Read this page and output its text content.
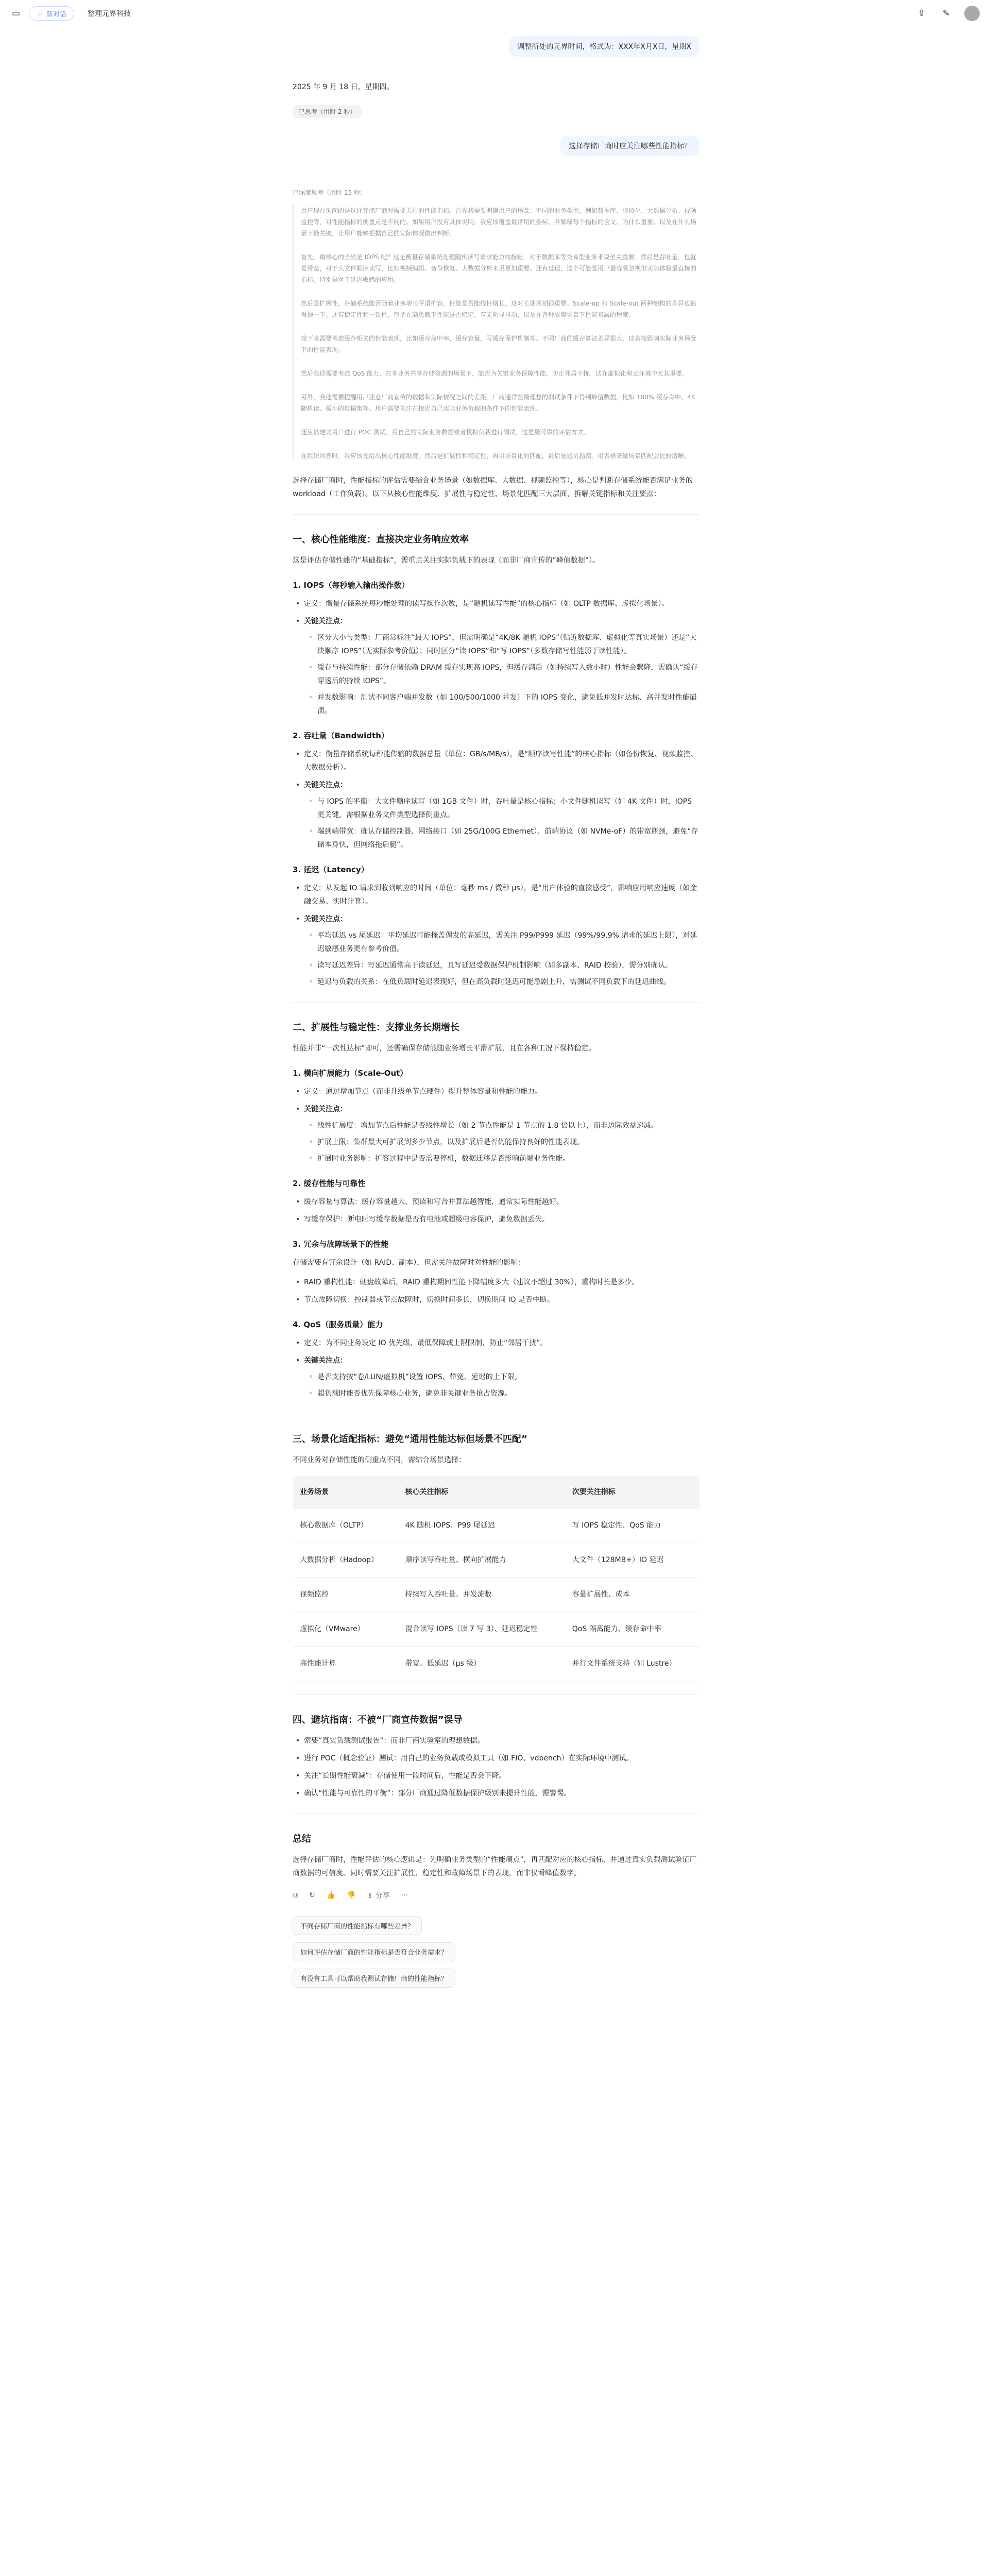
▭	＋ 新对话	整理元界科技	⇪	✎
调整所处的元界时间，格式为：XXX年X月X日，星期X
2025 年 9 月 18 日，星期四。
已思考（用时 2 秒）
选择存储厂商时应关注哪些性能指标？
已深度思考（用时 15 秒）

用户现在询问的是选择存储厂商时需要关注的性能指标。首先我需要明确用户的场景：不同的业务类型，例如数据库、虚拟化、大数据分析、视频监控等，对性能指标的侧重点是不同的。如果用户没有具体说明，我应该覆盖最常用的指标，并解释每个指标的含义、为什么重要、以及在什么场景下最关键，让用户能够根据自己的实际情况做出判断。

首先，最核心的当然是 IOPS 吧？这是衡量存储系统处理随机读写请求能力的指标，对于数据库等交易型业务来说至关重要。然后是吞吐量，也就是带宽，对于大文件顺序读写，比如视频编辑、备份恢复、大数据分析来说更加重要。还有延迟，这个可能是用户最容易忽视但实际体验最直接的指标，特别是对于延迟敏感的应用。

然后是扩展性，存储系统能否随着业务增长平滑扩容，性能是否能线性增长，这对长期规划很重要。Scale-up 和 Scale-out 两种架构的差异也值得提一下。还有稳定性和一致性，包括在高负载下性能是否稳定，有无明显抖动，以及在各种故障场景下性能衰减的程度。

接下来需要考虑缓存相关的性能表现，比如缓存命中率、缓存容量、写缓存保护机制等。不同厂商的缓存算法差异很大，这直接影响实际业务场景下的性能表现。

然后我还需要考虑 QoS 能力，在多业务共享存储资源的场景下，能否为关键业务保障性能，防止邻居干扰。这在虚拟化和云环境中尤其重要。

另外，我还需要提醒用户注意厂商宣传的数据和实际情况之间的差距。厂商通常在最理想的测试条件下得到峰值数据，比如 100% 缓存命中、4K 随机读、极小的数据集等。用户需要关注在接近自己实际业务负载的条件下的性能表现。

还应该建议用户进行 POC 测试，用自己的实际业务数据或者模拟负载进行测试，这是最可靠的评估方式。

在组织回答时，我应该先给出核心性能维度，然后是扩展性和稳定性，再讲场景化的匹配，最后是避坑指南。用表格来做场景匹配会比较清晰。

选择存储厂商时，性能指标的评估需要结合业务场景（如数据库、大数据、视频监控等），核心是判断存储系统能否满足业务的 workload（工作负载）。以下从核心性能维度、扩展性与稳定性、场景化匹配三大层面，拆解关键指标和关注要点：

一、核心性能维度：直接决定业务响应效率

这是评估存储性能的“基础指标”，需重点关注实际负载下的表现（而非厂商宣传的“峰值数据”）。

1. IOPS（每秒输入输出操作数）
• 定义：衡量存储系统每秒能处理的读写操作次数，是“随机读写性能”的核心指标（如 OLTP 数据库、虚拟化场景）。
• 关键关注点：
◦ 区分大小与类型：厂商常标注“最大 IOPS”，但需明确是“4K/8K 随机 IOPS”（贴近数据库、虚拟化等真实场景）还是“大块顺序 IOPS”（无实际参考价值）；同时区分“读 IOPS”和“写 IOPS”（多数存储写性能弱于读性能）。
◦ 缓存与持续性能：部分存储依赖 DRAM 缓存实现高 IOPS，但缓存满后（如持续写入数小时）性能会骤降，需确认“缓存穿透后的持续 IOPS”。
◦ 并发数影响：测试不同客户端并发数（如 100/500/1000 并发）下的 IOPS 变化，避免低并发时达标、高并发时性能崩溃。
2. 吞吐量（Bandwidth）
• 定义：衡量存储系统每秒能传输的数据总量（单位：GB/s/MB/s），是“顺序读写性能”的核心指标（如备份恢复、视频监控、大数据分析）。
• 关键关注点：
◦ 与 IOPS 的平衡：大文件顺序读写（如 1GB 文件）时，吞吐量是核心指标；小文件随机读写（如 4K 文件）时，IOPS 更关键，需根据业务文件类型选择侧重点。
◦ 端到端带宽：确认存储控制器、网络接口（如 25G/100G Ethernet）、前端协议（如 NVMe-oF）的带宽瓶颈，避免“存储本身快，但网络拖后腿”。
3. 延迟（Latency）
• 定义：从发起 IO 请求到收到响应的时间（单位：毫秒 ms / 微秒 μs），是“用户体验的直接感受”，影响应用响应速度（如金融交易、实时计算）。
• 关键关注点：
◦ 平均延迟 vs 尾延迟：平均延迟可能掩盖偶发的高延迟，需关注 P99/P999 延迟（99%/99.9% 请求的延迟上限），对延迟敏感业务更有参考价值。
◦ 读写延迟差异：写延迟通常高于读延迟，且写延迟受数据保护机制影响（如多副本、RAID 校验），需分别确认。
◦ 延迟与负载的关系：在低负载时延迟表现好，但在高负载时延迟可能急剧上升，需测试不同负载下的延迟曲线。
二、扩展性与稳定性：支撑业务长期增长

性能并非“一次性达标”即可，还需确保存储能随业务增长平滑扩展，且在各种工况下保持稳定。

1. 横向扩展能力（Scale-Out）
• 定义：通过增加节点（而非升级单节点硬件）提升整体容量和性能的能力。
• 关键关注点：
◦ 线性扩展度：增加节点后性能是否线性增长（如 2 节点性能是 1 节点的 1.8 倍以上），而非边际效益递减。
◦ 扩展上限：集群最大可扩展到多少节点，以及扩展后是否仍能保持良好的性能表现。
◦ 扩展时业务影响：扩容过程中是否需要停机，数据迁移是否影响前端业务性能。
2. 缓存性能与可靠性
• 缓存容量与算法：缓存容量越大、预读和写合并算法越智能，通常实际性能越好。
• 写缓存保护：断电时写缓存数据是否有电池或超级电容保护，避免数据丢失。
3. 冗余与故障场景下的性能

存储需要有冗余设计（如 RAID、副本），但需关注故障时对性能的影响：

• RAID 重构性能：硬盘故障后，RAID 重构期间性能下降幅度多大（建议不超过 30%），重构时长是多少。
• 节点故障切换：控制器或节点故障时，切换时间多长，切换期间 IO 是否中断。
4. QoS（服务质量）能力
• 定义：为不同业务设定 IO 优先级、最低保障或上限限制，防止“邻居干扰”。
• 关键关注点：
◦ 是否支持按“卷/LUN/虚拟机”设置 IOPS、带宽、延迟的上下限。
◦ 超负载时能否优先保障核心业务，避免非关键业务抢占资源。
三、场景化适配指标：避免“通用性能达标但场景不匹配”

不同业务对存储性能的侧重点不同，需结合场景选择：

业务场景	核心关注指标	次要关注指标
核心数据库（OLTP）	4K 随机 IOPS、P99 尾延迟	写 IOPS 稳定性、QoS 能力
大数据分析（Hadoop）	顺序读写吞吐量、横向扩展能力	大文件（128MB+）IO 延迟
视频监控	持续写入吞吐量、并发流数	容量扩展性、成本
虚拟化（VMware）	混合读写 IOPS（读 7 写 3）、延迟稳定性	QoS 隔离能力、缓存命中率
高性能计算	带宽、低延迟（μs 级）	并行文件系统支持（如 Lustre）
四、避坑指南：不被“厂商宣传数据”误导
• 索要“真实负载测试报告”：而非厂商实验室的理想数据。
• 进行 POC（概念验证）测试：用自己的业务负载或模拟工具（如 FIO、vdbench）在实际环境中测试。
• 关注“长期性能衰减”：存储使用一段时间后，性能是否会下降。
• 确认“性能与可靠性的平衡”：部分厂商通过降低数据保护级别来提升性能，需警惕。
总结

选择存储厂商时，性能评估的核心逻辑是：先明确业务类型的“性能痛点”，再匹配对应的核心指标，并通过真实负载测试验证厂商数据的可信度。同时需要关注扩展性、稳定性和故障场景下的表现，而非仅看峰值数字。

⧉ ↻ 👍 👎 ⇪ 分享 ···
不同存储厂商的性能指标有哪些差异？
如何评估存储厂商的性能指标是否符合业务需求？
有没有工具可以帮助我测试存储厂商的性能指标？
